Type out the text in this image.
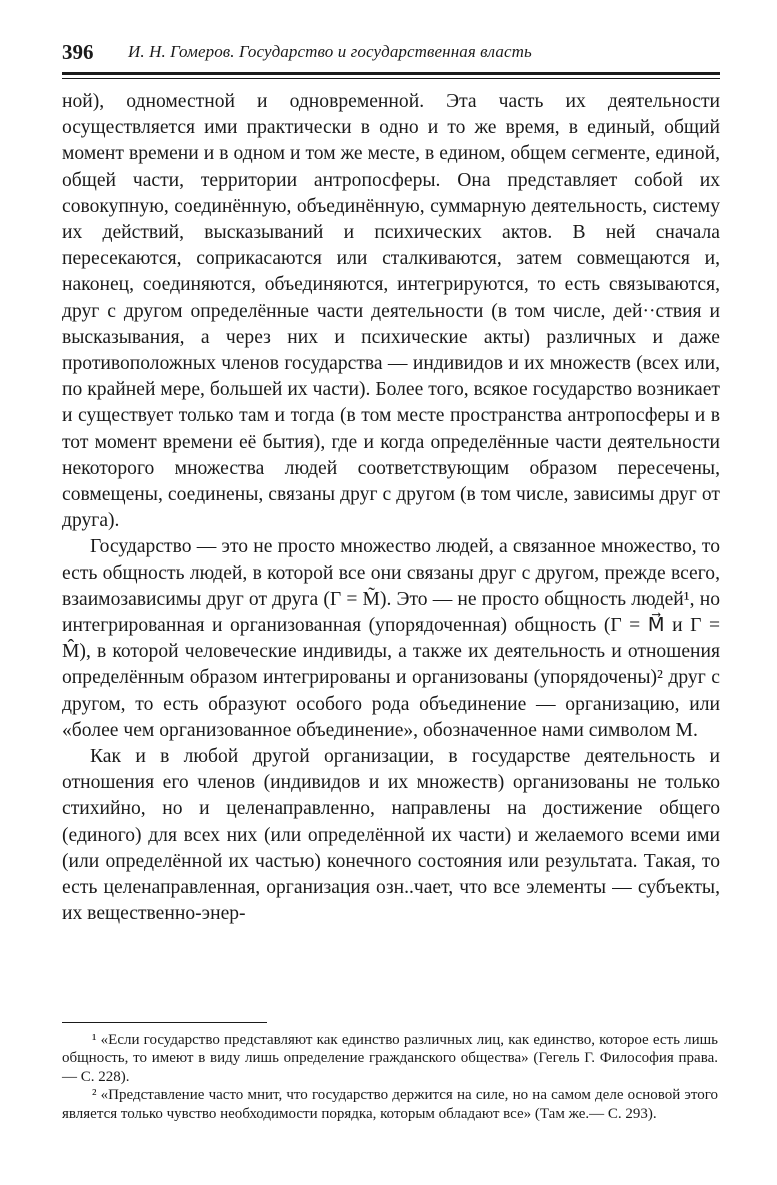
396 И. Н. Гомеров. Государство и государственная власть

ной), одноместной и одновременной. Эта часть их деятельности осуществляется ими практически в одно и то же время, в единый, общий момент времени и в одном и том же месте, в едином, общем сегменте, единой, общей части, территории антропосферы. Она представляет собой их совокупную, соединённую, объединённую, суммарную деятельность, систему их действий, высказываний и психических актов. В ней сначала пересекаются, соприкасаются или сталкиваются, затем совмещаются и, наконец, соединяются, объединяются, интегрируются, то есть связываются, друг с другом определённые части деятельности (в том числе, дей··ствия и высказывания, а через них и психические акты) различных и даже противоположных членов государства — индивидов и их множеств (всех или, по крайней мере, большей их части). Более того, всякое государство возникает и существует только там и тогда (в том месте пространства антропосферы и в тот момент времени её бытия), где и когда определённые части деятельности некоторого множества людей соответствующим образом пересечены, совмещены, соединены, связаны друг с другом (в том числе, зависимы друг от друга).

Государство — это не просто множество людей, а связанное множество, то есть общность людей, в которой все они связаны друг с другом, прежде всего, взаимозависимы друг от друга (Г = M̃). Это — не просто общность людей¹, но интегрированная и организованная (упорядоченная) общность (Г = M⃗ и Г = M̂), в которой человеческие индивиды, а также их деятельность и отношения определённым образом интегрированы и организованы (упорядочены)² друг с другом, то есть образуют особого рода объединение — организацию, или «более чем организованное объединение», обозначенное нами символом M.

Как и в любой другой организации, в государстве деятельность и отношения его членов (индивидов и их множеств) организованы не только стихийно, но и целенаправленно, направлены на достижение общего (единого) для всех них (или определённой их части) и желаемого всеми ими (или определённой их частью) конечного состояния или результата. Такая, то есть целенаправленная, организация озн..чает, что все элементы — субъекты, их вещественно-энер-

¹ «Если государство представляют как единство различных лиц, как единство, которое есть лишь общность, то имеют в виду лишь определение гражданского общества» (Гегель Г. Философия права.— С. 228).

² «Представление часто мнит, что государство держится на силе, но на самом деле основой этого является только чувство необходимости порядка, которым обладают все» (Там же.— С. 293).
